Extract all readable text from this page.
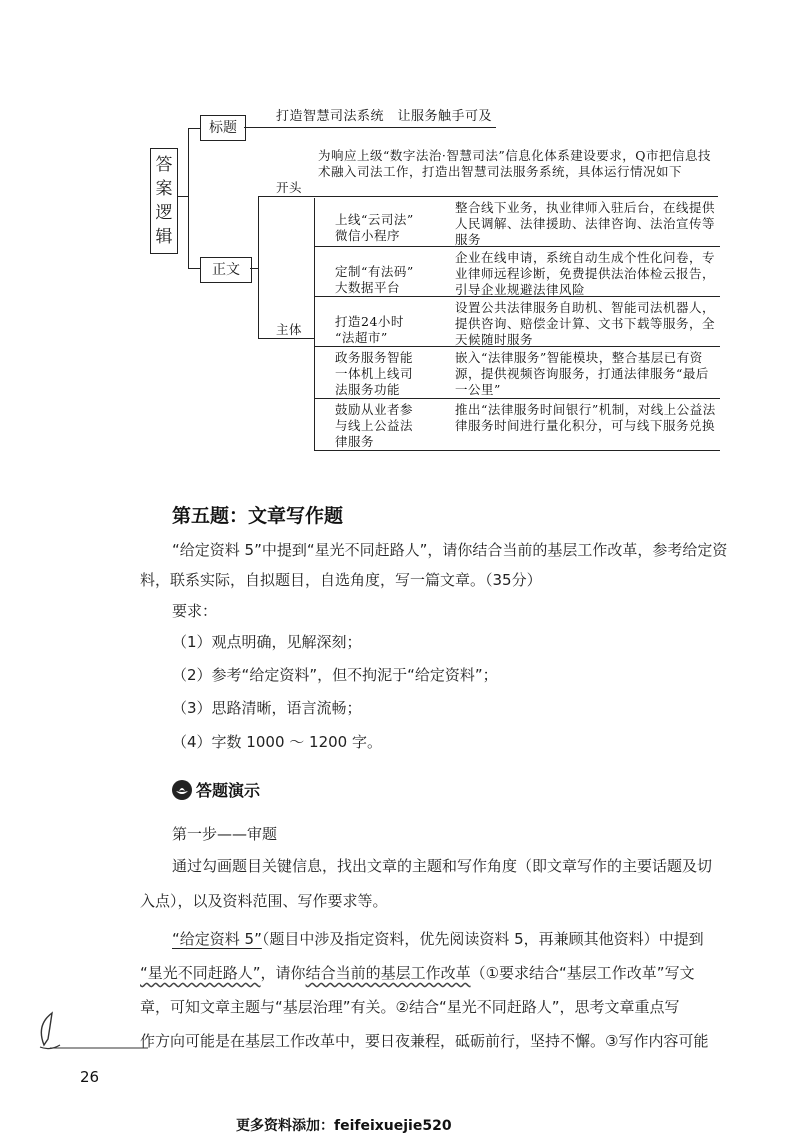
答
案
逻
辑
标题
打造智慧司法系统　让服务触手可及
正文
开头
主体
为响应上级“数字法治·智慧司法”信息化体系建设要求，Q市把信息技术融入司法工作，打造出智慧司法服务系统，具体运行情况如下
上线“云司法”
微信小程序
整合线下业务，执业律师入驻后台，在线提供人民调解、法律援助、法律咨询、法治宣传等服务
定制“有法码”
大数据平台
企业在线申请，系统自动生成个性化问卷，专业律师远程诊断，免费提供法治体检云报告，引导企业规避法律风险
打造24小时
“法超市”
设置公共法律服务自助机、智能司法机器人，提供咨询、赔偿金计算、文书下载等服务，全天候随时服务
政务服务智能
一体机上线司
法服务功能
嵌入“法律服务”智能模块，整合基层已有资源，提供视频咨询服务，打通法律服务“最后一公里”
鼓励从业者参
与线上公益法
律服务
推出“法律服务时间银行”机制，对线上公益法律服务时间进行量化积分，可与线下服务兑换
第五题：文章写作题
“给定资料 5”中提到“星光不同赶路人”，请你结合当前的基层工作改革，参考给定资
料，联系实际，自拟题目，自选角度，写一篇文章。（35分）
要求：
（1）观点明确，见解深刻；
（2）参考“给定资料”，但不拘泥于“给定资料”；
（3）思路清晰，语言流畅；
（4）字数 1000 ～ 1200 字。
答题演示
第一步——审题
通过勾画题目关键信息，找出文章的主题和写作角度（即文章写作的主要话题及切
入点），以及资料范围、写作要求等。
“给定资料 5”（题目中涉及指定资料，优先阅读资料 5，再兼顾其他资料）中提到
“星光不同赶路人”，请你结合当前的基层工作改革（①要求结合“基层工作改革”写文
章，可知文章主题与“基层治理”有关。②结合“星光不同赶路人”，思考文章重点写
作方向可能是在基层工作改革中，要日夜兼程，砥砺前行，坚持不懈。③写作内容可能
26
更多资料添加：feifeixuejie520
